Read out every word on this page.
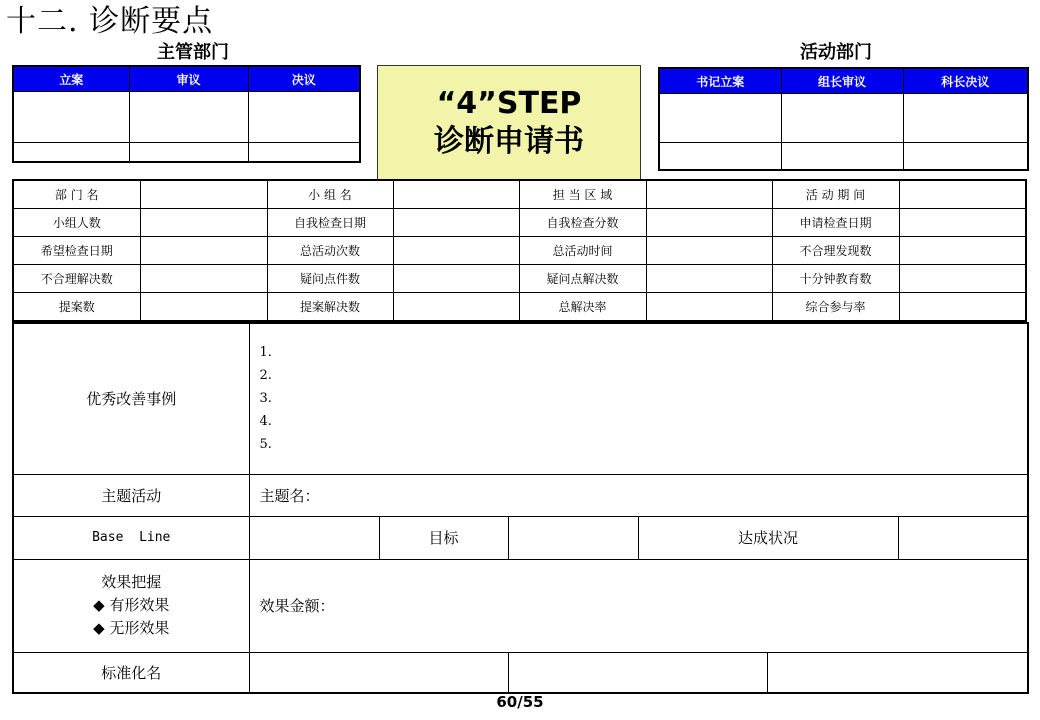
十二. 诊断要点
主管部门	活动部门
立案	审议	决议

“4”STEP
诊断申请书
书记立案	组长审议	科长决议

部 门 名		小 组 名		担 当 区 域		活 动 期 间	
小组人数		自我检查日期		自我检查分数		申请检查日期	
希望检查日期		总活动次数		总活动时间		不合理发现数	
不合理解决数		疑问点件数		疑问点解决数		十分钟教育数	
提案数		提案解决数		总解决率		综合参与率	
优秀改善事例	1.
2.
3.
4.
5.					

主题活动	主题名：					
Base  Line		目标		达成状况		

效果把握
◆ 有形效果
◆ 无形效果	效果金额：					
标准化名						
60/55
